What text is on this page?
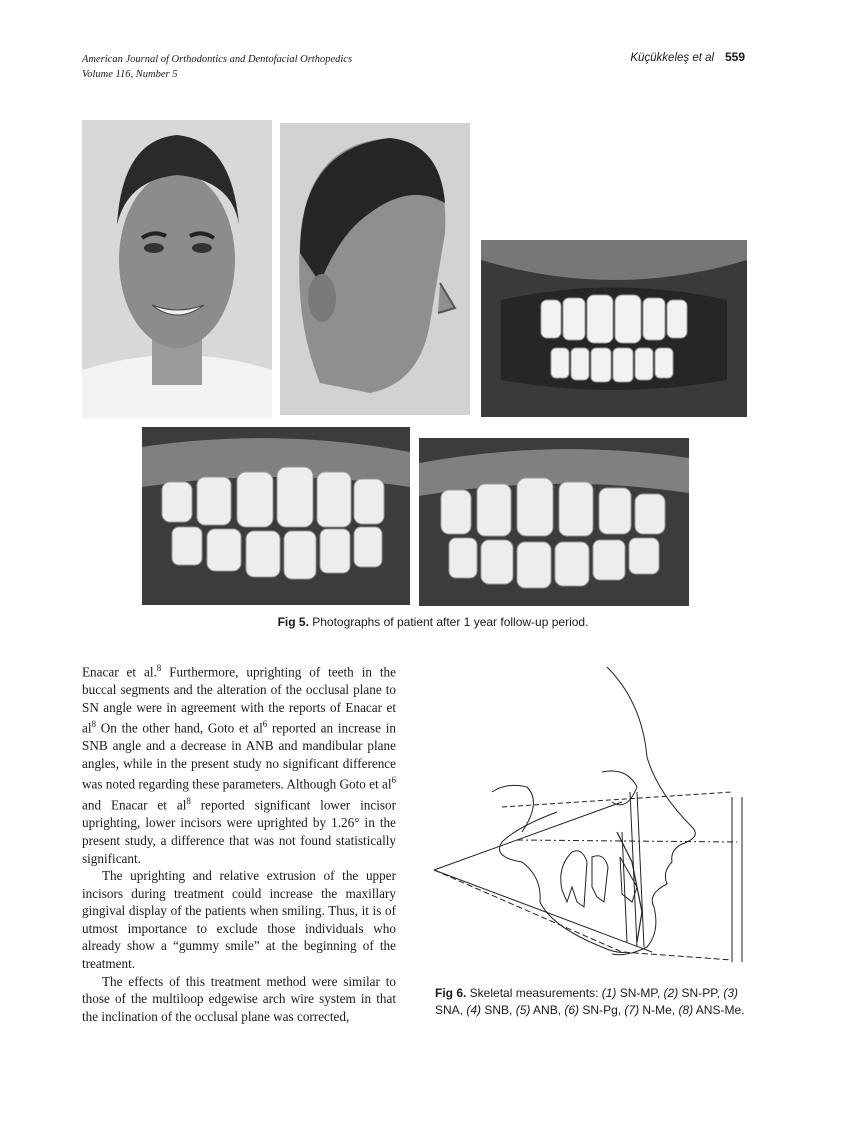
American Journal of Orthodontics and Dentofacial Orthopedics
Volume 116, Number 5
Küçükkeleş et al 559
Fig 5. Photographs of patient after 1 year follow-up period.

Enacar et al.$^8$ Furthermore, uprighting of teeth in the buccal segments and the alteration of the occlusal plane to SN angle were in agreement with the reports of Enacar et $al^8$ On the other hand, Goto et $al^6$ reported an increase in SNB angle and a decrease in ANB and mandibular plane angles, while in the present study no significant difference was noted regarding these parameters. Although Goto et $al^6$ and Enacar et $al^8$ reported significant lower incisor uprighting, lower incisors were uprighted by 1.26° in the present study, a difference that was not found statistically significant.

The uprighting and relative extrusion of the upper incisors during treatment could increase the maxillary gingival display of the patients when smiling. Thus, it is of utmost importance to exclude those individuals who already show a “gummy smile” at the beginning of the treatment.

The effects of this treatment method were similar to those of the multiloop edgewise arch wire system in that the inclination of the occlusal plane was corrected,

Fig 6. Skeletal measurements: (1) SN-MP, (2) SN-PP, (3) SNA, (4) SNB, (5) ANB, (6) SN-Pg, (7) N-Me, (8) ANS-Me.
